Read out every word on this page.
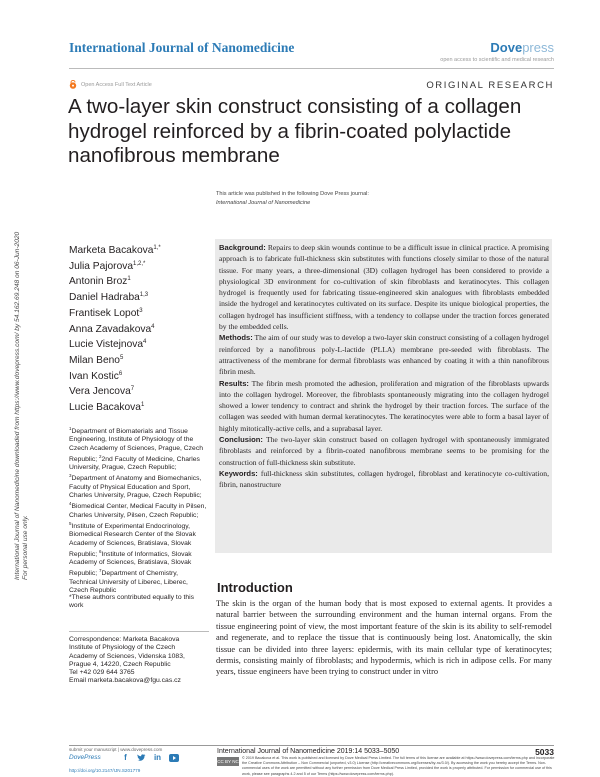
International Journal of Nanomedicine	Dovepress
open access to scientific and medical research
Open Access Full Text Article	ORIGINAL RESEARCH
A two-layer skin construct consisting of a collagen hydrogel reinforced by a fibrin-coated polylactide nanofibrous membrane
This article was published in the following Dove Press journal:
International Journal of Nanomedicine
International Journal of Nanomedicine downloaded from https://www.dovepress.com/ by 54.162.69.248 on 06-Jun-2020
For personal use only.
Marketa Bacakova$^{1,*}$
Julia Pajorova$^{1,2,*}$
Antonin Broz$^1$
Daniel Hadraba$^{1,3}$
Frantisek Lopot$^3$
Anna Zavadakova$^4$
Lucie Vistejnova$^4$
Milan Beno$^5$
Ivan Kostic$^6$
Vera Jencova$^7$
Lucie Bacakova$^1$
$^1$Department of Biomaterials and Tissue Engineering, Institute of Physiology of the Czech Academy of Sciences, Prague, Czech Republic; $^2$2nd Faculty of Medicine, Charles University, Prague, Czech Republic; $^3$Department of Anatomy and Biomechanics, Faculty of Physical Education and Sport, Charles University, Prague, Czech Republic; $^4$Biomedical Center, Medical Faculty in Pilsen, Charles University, Pilsen, Czech Republic; $^5$Institute of Experimental Endocrinology, Biomedical Research Center of the Slovak Academy of Sciences, Bratislava, Slovak Republic; $^6$Institute of Informatics, Slovak Academy of Sciences, Bratislava, Slovak Republic; $^7$Department of Chemistry, Technical University of Liberec, Liberec, Czech Republic
*These authors contributed equally to this work
Correspondence: Marketa Bacakova
Institute of Physiology of the Czech
Academy of Sciences, Videnska 1083,
Prague 4, 14220, Czech Republic
Tel +42 029 644 3765
Email marketa.bacakova@fgu.cas.cz

Background: Repairs to deep skin wounds continue to be a difficult issue in clinical practice. A promising approach is to fabricate full-thickness skin substitutes with functions closely similar to those of the natural tissue. For many years, a three-dimensional (3D) collagen hydrogel has been considered to provide a physiological 3D environment for co-cultivation of skin fibroblasts and keratinocytes. This collagen hydrogel is frequently used for fabricating tissue-engineered skin analogues with fibroblasts embedded inside the hydrogel and keratinocytes cultivated on its surface. Despite its unique biological properties, the collagen hydrogel has insufficient stiffness, with a tendency to collapse under the traction forces generated by the embedded cells.

Methods: The aim of our study was to develop a two-layer skin construct consisting of a collagen hydrogel reinforced by a nanofibrous poly-L-lactide (PLLA) membrane pre-seeded with fibroblasts. The attractiveness of the membrane for dermal fibroblasts was enhanced by coating it with a thin nanofibrous fibrin mesh.

Results: The fibrin mesh promoted the adhesion, proliferation and migration of the fibroblasts upwards into the collagen hydrogel. Moreover, the fibroblasts spontaneously migrating into the collagen hydrogel showed a lower tendency to contract and shrink the hydrogel by their traction forces. The surface of the collagen was seeded with human dermal keratinocytes. The keratinocytes were able to form a basal layer of highly mitotically-active cells, and a suprabasal layer.

Conclusion: The two-layer skin construct based on collagen hydrogel with spontaneously immigrated fibroblasts and reinforced by a fibrin-coated nanofibrous membrane seems to be promising for the construction of full-thickness skin substitute.

Keywords: full-thickness skin substitutes, collagen hydrogel, fibroblast and keratinocyte co-cultivation, fibrin, nanostructure

Introduction

The skin is the organ of the human body that is most exposed to external agents. It provides a natural barrier between the surrounding environment and the human internal organs. From the tissue engineering point of view, the most important feature of the skin is its ability to self-remodel and regenerate, and to replace the tissue that is continuously being lost. Anatomically, the skin tissue can be divided into three layers: epidermis, with its main cellular type of keratinocytes; dermis, consisting mainly of fibroblasts; and hypodermis, which is rich in adipose cells. For many years, tissue engineers have been trying to construct under in vitro

submit your manuscript | www.dovepress.com
DovePress	f	in
http://doi.org/10.2147/IJN.S201779
International Journal of Nanomedicine 2019:14 5033–5050	5033
CC BY NC
© 2019 Bacakova et al. This work is published and licensed by Dove Medical Press Limited. The full terms of this license are available at https://www.dovepress.com/terms.php and incorporate the Creative Commons Attribution – Non Commercial (unported, v3.0) License (http://creativecommons.org/licenses/by-nc/3.0/). By accessing the work you hereby accept the Terms. Non-commercial uses of the work are permitted without any further permission from Dove Medical Press Limited, provided the work is properly attributed. For permission for commercial use of this work, please see paragraphs 4.2 and 5 of our Terms (https://www.dovepress.com/terms.php).
